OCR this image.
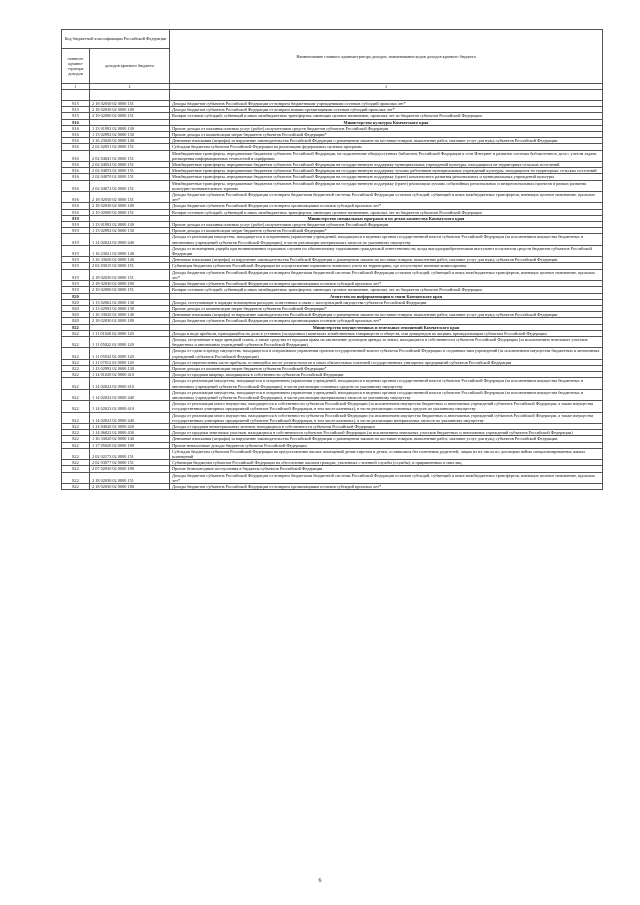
Код бюджетной классификации Российской Федерации		Наименование главного администратора доходов, наименование кодов доходов краевого бюджета
главного админи-стратора доходов	доходов краевого бюджета	
1	2	3

815	2 18 02030 02 0000 151	Доходы бюджетов субъектов Российской Федерации от возврата бюджетными учреждениями остатков субсидий прошлых лет*
815	2 18 02030 02 0000 180	Доходы бюджетов субъектов Российской Федерации от возврата иными организациями остатков субсидий прошлых лет*
815	2 19 02000 02 0000 151	Возврат остатков субсидий, субвенций и иных межбюджетных трансфертов, имеющих целевое назначение, прошлых лет из бюджетов субъектов Российской Федерации
816		Министерство культуры Камчатского края
816	1 13 01992 02 0000 130	Прочие доходы от оказания платных услуг (работ) получателями средств бюджетов субъектов Российской Федерации
816	1 13 02992 02 0000 130	Прочие доходы от компенсации затрат бюджетов субъектов Российской Федерации*
816	1 16 23020 02 0000 140	Денежные взыскания (штрафы) за нарушение законодательства Российской Федерации о размещении заказов на поставки товаров, выполнение работ, оказание услуг для нужд субъектов Российской Федерации
816	2 02 02051 02 0000 151	Субсидии бюджетам субъектов Российской Федерации на реализацию федеральных целевых программ
816	2 02 04041 02 0000 151	Межбюджетные трансферты, передаваемые бюджетам субъектов Российской Федерации, на подключение общедоступных библиотек Российской Федерации к сети Интернет и развитие системы библиотечного дела с учетом задачи расширения информационных технологий и оцифровки
816	2 02 04052 02 0000 151	Межбюджетные трансферты, передаваемые бюджетам субъектов Российской Федерации на государственную поддержку муниципальных учреждений культуры, находящихся на территориях сельских поселений
816	2 02 04053 02 0000 151	Межбюджетные трансферты, передаваемые бюджетам субъектов Российской Федерации на государственную поддержку лучших работников муниципальных учреждений культуры, находящихся на территориях сельских поселений
816	2 02 04070 02 0000 151	Межбюджетные трансферты, передаваемые бюджетам субъектов Российской Федерации на государственную поддержку (грант) комплексного развития региональных и муниципальных учреждений культуры
816	2 02 04072 02 0000 151	Межбюджетные трансферты, передаваемые бюджетам субъектов Российской Федерации на государственную поддержку (грант) реализации лучших событийных региональных и межрегиональных проектов в рамках развития культурно-познавательного туризма
816	2 18 02030 02 0000 151	Доходы бюджетов субъектов Российской Федерации от возврата бюджетами бюджетной системы Российской Федерации остатков субсидий, субвенций и иных межбюджетных трансфертов, имеющих целевое назначение, прошлых лет*
816	2 18 02030 02 0000 180	Доходы бюджетов субъектов Российской Федерации от возврата организациями остатков субсидий прошлых лет*
816	2 19 02000 02 0000 151	Возврат остатков субсидий, субвенций и иных межбюджетных трансфертов, имеющих целевое назначение, прошлых лет из бюджетов субъектов Российской Федерации
819		Министерство специальных программ и по делам казачества Камчатского края
819	1 13 01992 02 0000 130	Прочие доходы от оказания платных услуг (работ) получателями средств бюджетов субъектов Российской Федерации
819	1 13 02992 02 0000 130	Прочие доходы от компенсации затрат бюджетов субъектов Российской Федерации*
819	1 14 02022 02 0000 440	Доходы от реализации имущества, находящегося в оперативном управлении учреждений, находящихся в ведении органов государственной власти субъектов Российской Федерации (за исключением имущества бюджетных и автономных учреждений субъектов Российской Федерации), в части реализации материальных запасов по указанному имуществу
819	1 16 23021 02 0000 140	Доходы от возмещения ущерба при возникновении страховых случаев по обязательному страхованию гражданской ответственности, когда выгодоприобретателями выступают получатели средств бюджетов субъектов Российской Федерации
819	1 16 33020 02 0000 140	Денежные взыскания (штрафы) за нарушение законодательства Российской Федерации о размещении заказов на поставки товаров, выполнение работ, оказание услуг для нужд субъектов Российской Федерации
819	2 02 03015 02 0000 151	Субвенции бюджетам субъектов Российской Федерации на осуществление первичного воинского учета на территориях, где отсутствуют военные комиссариаты
819	2 18 02030 02 0000 151	Доходы бюджетов субъектов Российской Федерации от возврата бюджетами бюджетной системы Российской Федерации остатков субсидий, субвенций и иных межбюджетных трансфертов, имеющих целевое назначение, прошлых лет*
819	2 18 02030 02 0000 180	Доходы бюджетов субъектов Российской Федерации от возврата организациями остатков субсидий прошлых лет*
819	2 19 02000 02 0000 151	Возврат остатков субсидий, субвенций и иных межбюджетных трансфертов, имеющих целевое назначение, прошлых лет из бюджетов субъектов Российской Федерации
820		Агентство по информатизации и связи Камчатского края
820	1 13 02062 02 0000 130	Доходы, поступающие в порядке возмещения расходов, понесенных в связи с эксплуатацией имущества субъектов Российской Федерации
820	1 13 02992 02 0000 130	Прочие доходы от компенсации затрат бюджетов субъектов Российской Федерации*
820	1 16 33020 02 0000 140	Денежные взыскания (штрафы) за нарушение законодательства Российской Федерации о размещении заказов на поставки товаров, выполнение работ, оказание услуг для нужд субъектов Российской Федерации
820	2 18 02030 02 0000 180	Доходы бюджетов субъектов Российской Федерации от возврата организациями остатков субсидий прошлых лет*
822		Министерство имущественных и земельных отношений Камчатского края
822	1 11 01020 02 0000 120	Доходы в виде прибыли, приходящейся на доли в уставных (складочных) капиталах хозяйственных товариществ и обществ, или дивидендов по акциям, принадлежащим субъектам Российской Федерации
822	1 11 05022 02 0000 120	Доходы, получаемые в виде арендной платы, а также средства от продажи права на заключение договоров аренды за земли, находящиеся в собственности субъектов Российской Федерации (за исключением земельных участков бюджетных и автономных учреждений субъектов Российской Федерации)
822	1 11 05032 02 0000 120	Доходы от сдачи в аренду имущества, находящегося в оперативном управлении органов государственной власти субъектов Российской Федерации и созданных ими учреждений (за исключением имущества бюджетных и автономных учреждений субъектов Российской Федерации)
822	1 11 07012 02 0000 120	Доходы от перечисления части прибыли, остающейся после уплаты налогов и иных обязательных платежей государственных унитарных предприятий субъектов Российской Федерации
822	1 13 02992 02 0000 130	Прочие доходы от компенсации затрат бюджетов субъектов Российской Федерации*
822	1 14 01020 02 0000 410	Доходы от продажи квартир, находящихся в собственности субъектов Российской Федерации
822	1 14 02022 02 0000 410	Доходы от реализации имущества, находящегося в оперативном управлении учреждений, находящихся в ведении органов государственной власти субъектов Российской Федерации (за исключением имущества бюджетных и автономных учреждений субъектов Российской Федерации), в части реализации основных средств по указанному имуществу
822	1 14 02022 02 0000 440	Доходы от реализации имущества, находящегося в оперативном управлении учреждений, находящихся в ведении органов государственной власти субъектов Российской Федерации (за исключением имущества бюджетных и автономных учреждений субъектов Российской Федерации), в части реализации материальных запасов по указанному имуществу
822	1 14 02023 02 0000 410	Доходы от реализации иного имущества, находящегося в собственности субъектов Российской Федерации (за исключением имущества бюджетных и автономных учреждений субъектов Российской Федерации, а также имущества государственных унитарных предприятий субъектов Российской Федерации, в том числе казенных), в части реализации основных средств по указанному имуществу
822	1 14 02023 02 0000 440	Доходы от реализации иного имущества, находящегося в собственности субъектов Российской Федерации (за исключением имущества бюджетных и автономных учреждений субъектов Российской Федерации, а также имущества государственных унитарных предприятий субъектов Российской Федерации, в том числе казенных), в части реализации материальных запасов по указанному имуществу
822	1 14 04020 02 0000 420	Доходы от продажи нематериальных активов, находящихся в собственности субъектов Российской Федерации
822	1 14 06022 02 0000 430	Доходы от продажи земельных участков, находящихся в собственности субъектов Российской Федерации (за исключением земельных участков бюджетных и автономных учреждений субъектов Российской Федерации)
822	1 16 33020 02 0000 140	Денежные взыскания (штрафы) за нарушение законодательства Российской Федерации о размещении заказов на поставки товаров, выполнение работ, оказание услуг для нужд субъектов Российской Федерации
822	1 17 05020 02 0000 180	Прочие неналоговые доходы бюджетов субъектов Российской Федерации
822	2 02 02173 02 0000 151	Субсидии бюджетам субъектов Российской Федерации на предоставление жилых помещений детям-сиротам и детям, оставшимся без попечения родителей, лицам из их числа по договорам найма специализированных жилых помещений
822	2 02 03077 02 0000 151	Субвенции бюджетам субъектов Российской Федерации на обеспечение жильем граждан, уволенных с военной службы (службы), и приравненных к ним лиц
822	2 07 02030 02 0000 180	Прочие безвозмездные поступления в бюджеты субъектов Российской Федерации
822	2 18 02030 02 0000 151	Доходы бюджетов субъектов Российской Федерации от возврата бюджетами бюджетной системы Российской Федерации остатков субсидий, субвенций и иных межбюджетных трансфертов, имеющих целевое назначение, прошлых лет*
822	2 18 02030 02 0000 180	Доходы бюджетов субъектов Российской Федерации от возврата организациями остатков субсидий прошлых лет*
6
